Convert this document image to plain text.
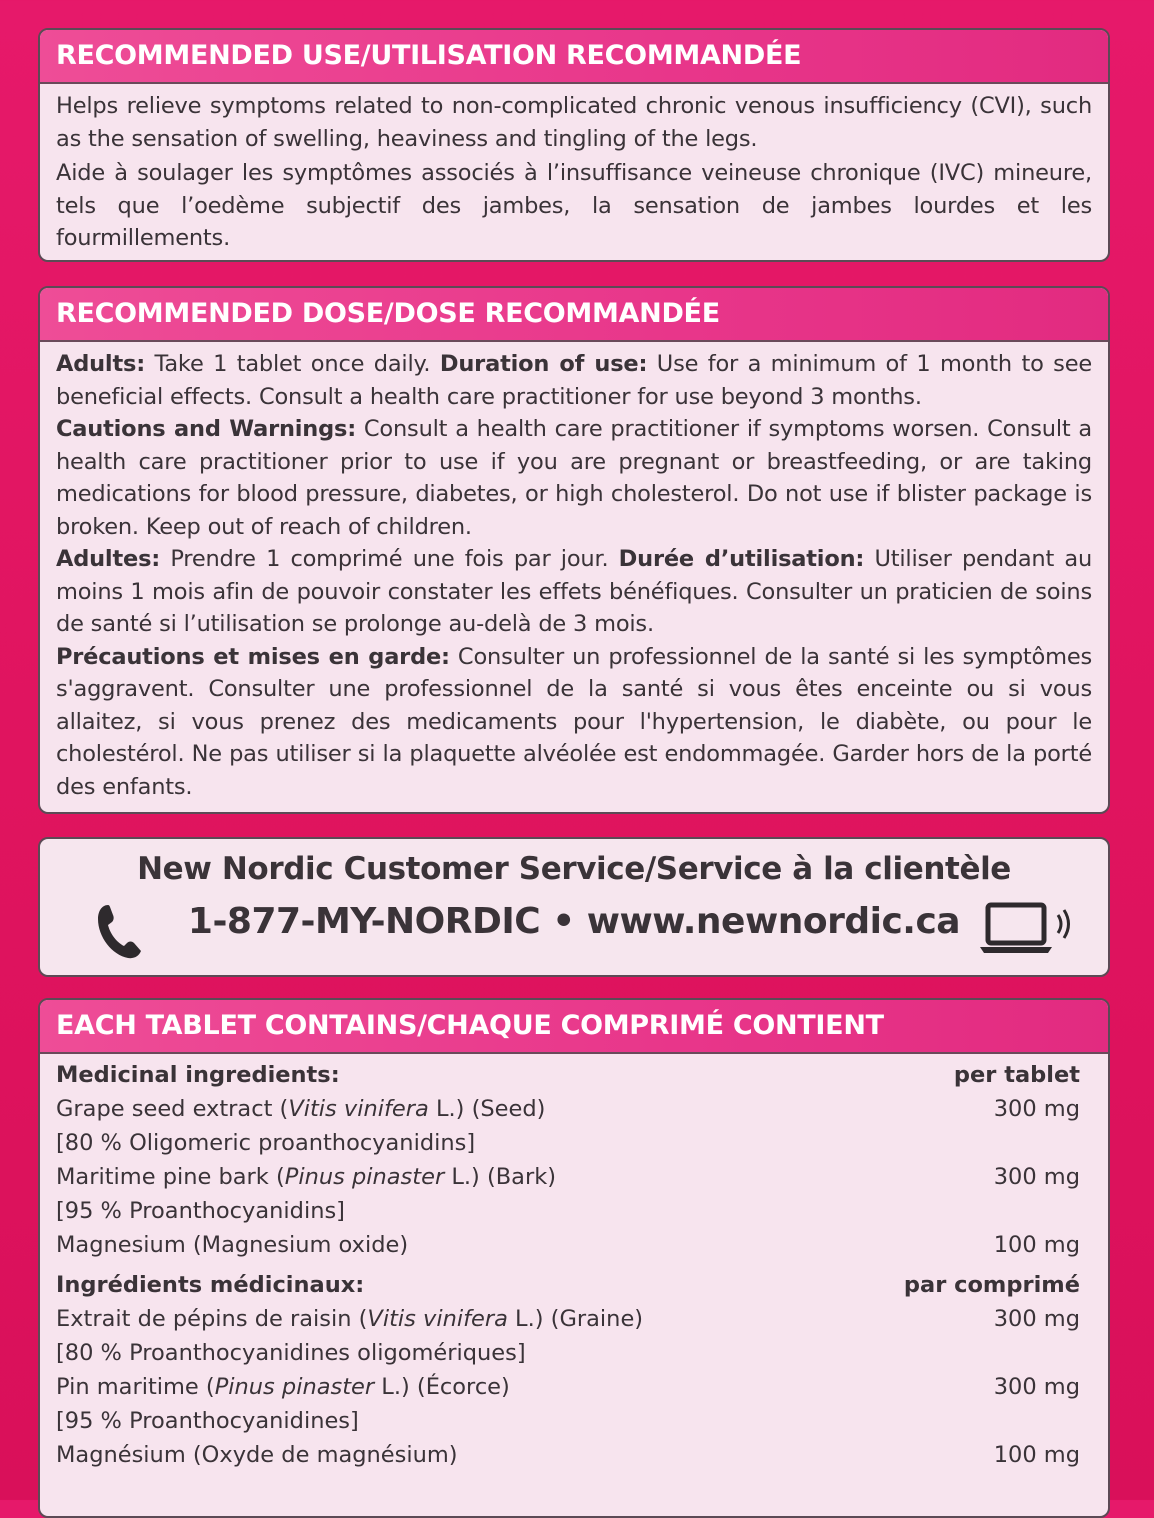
RECOMMENDED USE/UTILISATION RECOMMANDÉE

Helps relieve symptoms related to non-complicated chronic venous insufficiency (CVI), such as the sensation of swelling, heaviness and tingling of the legs.

Aide à soulager les symptômes associés à l’insuffisance veineuse chronique (IVC) mineure, tels que l’oedème subjectif des jambes, la sensation de jambes lourdes et les fourmillements.

RECOMMENDED DOSE/DOSE RECOMMANDÉE

Adults: Take 1 tablet once daily. Duration of use: Use for a minimum of 1 month to see beneficial effects. Consult a health care practitioner for use beyond 3 months.

Cautions and Warnings: Consult a health care practitioner if symptoms worsen. Consult a health care practitioner prior to use if you are pregnant or breastfeeding, or are taking medications for blood pressure, diabetes, or high cholesterol. Do not use if blister package is broken. Keep out of reach of children.

Adultes: Prendre 1 comprimé une fois par jour. Durée d’utilisation: Utiliser pendant au moins 1 mois afin de pouvoir constater les effets bénéfiques. Consulter un praticien de soins de santé si l’utilisation se prolonge au-delà de 3 mois.

Précautions et mises en garde: Consulter un professionnel de la santé si les symptômes s'aggravent. Consulter une professionnel de la santé si vous êtes enceinte ou si vous allaitez, si vous prenez des medicaments pour l'hypertension, le diabète, ou pour le cholestérol. Ne pas utiliser si la plaquette alvéolée est endommagée. Garder hors de la porté des enfants.

New Nordic Customer Service/Service à la clientèle
1-877-MY-NORDIC • www.newnordic.ca
EACH TABLET CONTAINS/CHAQUE COMPRIMÉ CONTIENT
Medicinal ingredients:	per tablet
Grape seed extract (Vitis vinifera L.) (Seed)	300 mg
[80 % Oligomeric proanthocyanidins]
Maritime pine bark (Pinus pinaster L.) (Bark)	300 mg
[95 % Proanthocyanidins]
Magnesium (Magnesium oxide)	100 mg
Ingrédients médicinaux:	par comprimé
Extrait de pépins de raisin (Vitis vinifera L.) (Graine)	300 mg
[80 % Proanthocyanidines oligomériques]
Pin maritime (Pinus pinaster L.) (Écorce)	300 mg
[95 % Proanthocyanidines]
Magnésium (Oxyde de magnésium)	100 mg
